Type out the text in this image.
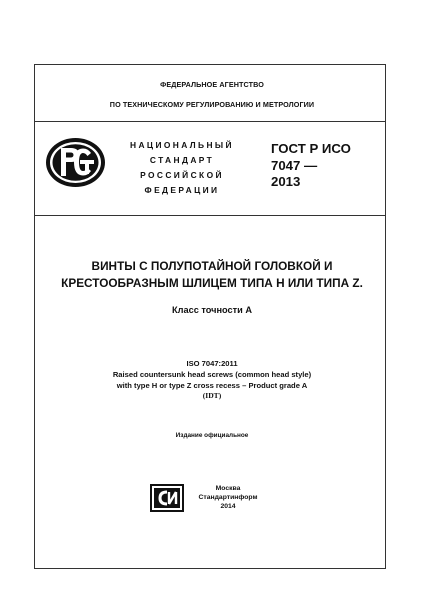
ФЕДЕРАЛЬНОЕ АГЕНТСТВО
ПО ТЕХНИЧЕСКОМУ РЕГУЛИРОВАНИЮ И МЕТРОЛОГИИ
НАЦИОНАЛЬНЫЙ
СТАНДАРТ
РОССИЙСКОЙ
ФЕДЕРАЦИИ
ГОСТ Р ИСО
7047 —
2013
ВИНТЫ С ПОЛУПОТАЙНОЙ ГОЛОВКОЙ И
КРЕСТООБРАЗНЫМ ШЛИЦЕМ ТИПА H ИЛИ ТИПА Z.
Класс точности А
ISO 7047:2011
Raised countersunk head screws (common head style)
with type H or type Z cross recess – Product grade A
(IDT)
Издание официальное
Москва
Стандартинформ
2014
